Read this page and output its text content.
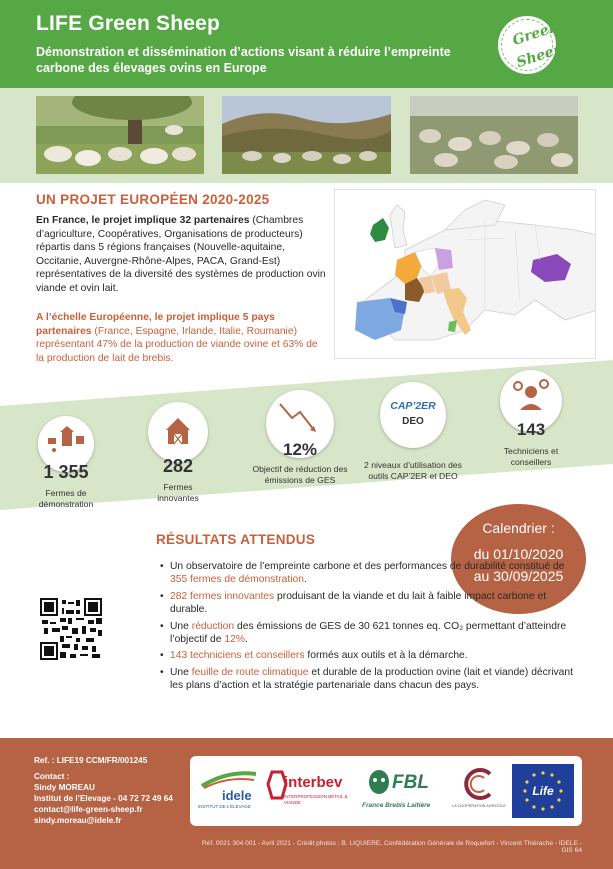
LIFE Green Sheep
Démonstration et dissémination d’actions visant à réduire l’empreinte carbone des élevages ovins en Europe
Green
Sheep
UN PROJET EUROPÉEN 2020-2025
En France, le projet implique 32 partenaires (Chambres d’agriculture, Coopératives, Organisations de producteurs) répartis dans 5 régions françaises (Nouvelle-aquitaine, Occitanie, Auvergne-Rhône-Alpes, PACA, Grand-Est) représentatives de la diversité des systèmes de production ovin viande et ovin lait.
A l’échelle Européenne, le projet implique 5 pays partenaires (France, Espagne, Irlande, Italie, Roumanie) représentant 47% de la production de viande ovine et 63% de la production de lait de brebis.
1 355
Fermes de démonstration
282
Fermes innovantes
12%
Objectif de réduction des émissions de GES
CAP’2ER
DEO
2 niveaux d’utilisation des outils CAP’2ER et DEO
143
Techniciens et conseillers
RÉSULTATS ATTENDUS
Calendrier :
du 01/10/2020
au 30/09/2025
• Un observatoire de l’empreinte carbone et des performances de durabilité constitué de 1 355 fermes de démonstration.
• 282 fermes innovantes produisant de la viande et du lait à faible impact carbone et durable.
• Une réduction des émissions de GES de 30 621 tonnes eq. CO₂ permettant d’atteindre l’objectif de 12%.
• 143 techniciens et conseillers formés aux outils et à la démarche.
• Une feuille de route climatique et durable de la production ovine (lait et viande) décrivant les plans d’action et la stratégie partenariale dans chacun des pays.
Ref. : LIFE19 CCM/FR/001245
Contact :
Sindy MOREAU
Institut de l’Elevage - 04 72 72 49 64
contact@life-green-sheep.fr
sindy.moreau@idele.fr
idele
INSTITUT DE L’ÉLEVAGE
interbev
INTERPROFESSION BÉTAIL & VIANDE
FBL
France Brebis Laitière	LA COOPÉRATION AGRICOLE
Life
Réf. 0021 304 001 - Avril 2021 - Crédit photos : B. LIQUIERE, Confédération Générale de Roquefort - Vincent Thiérache - IDELE - GIS 64
